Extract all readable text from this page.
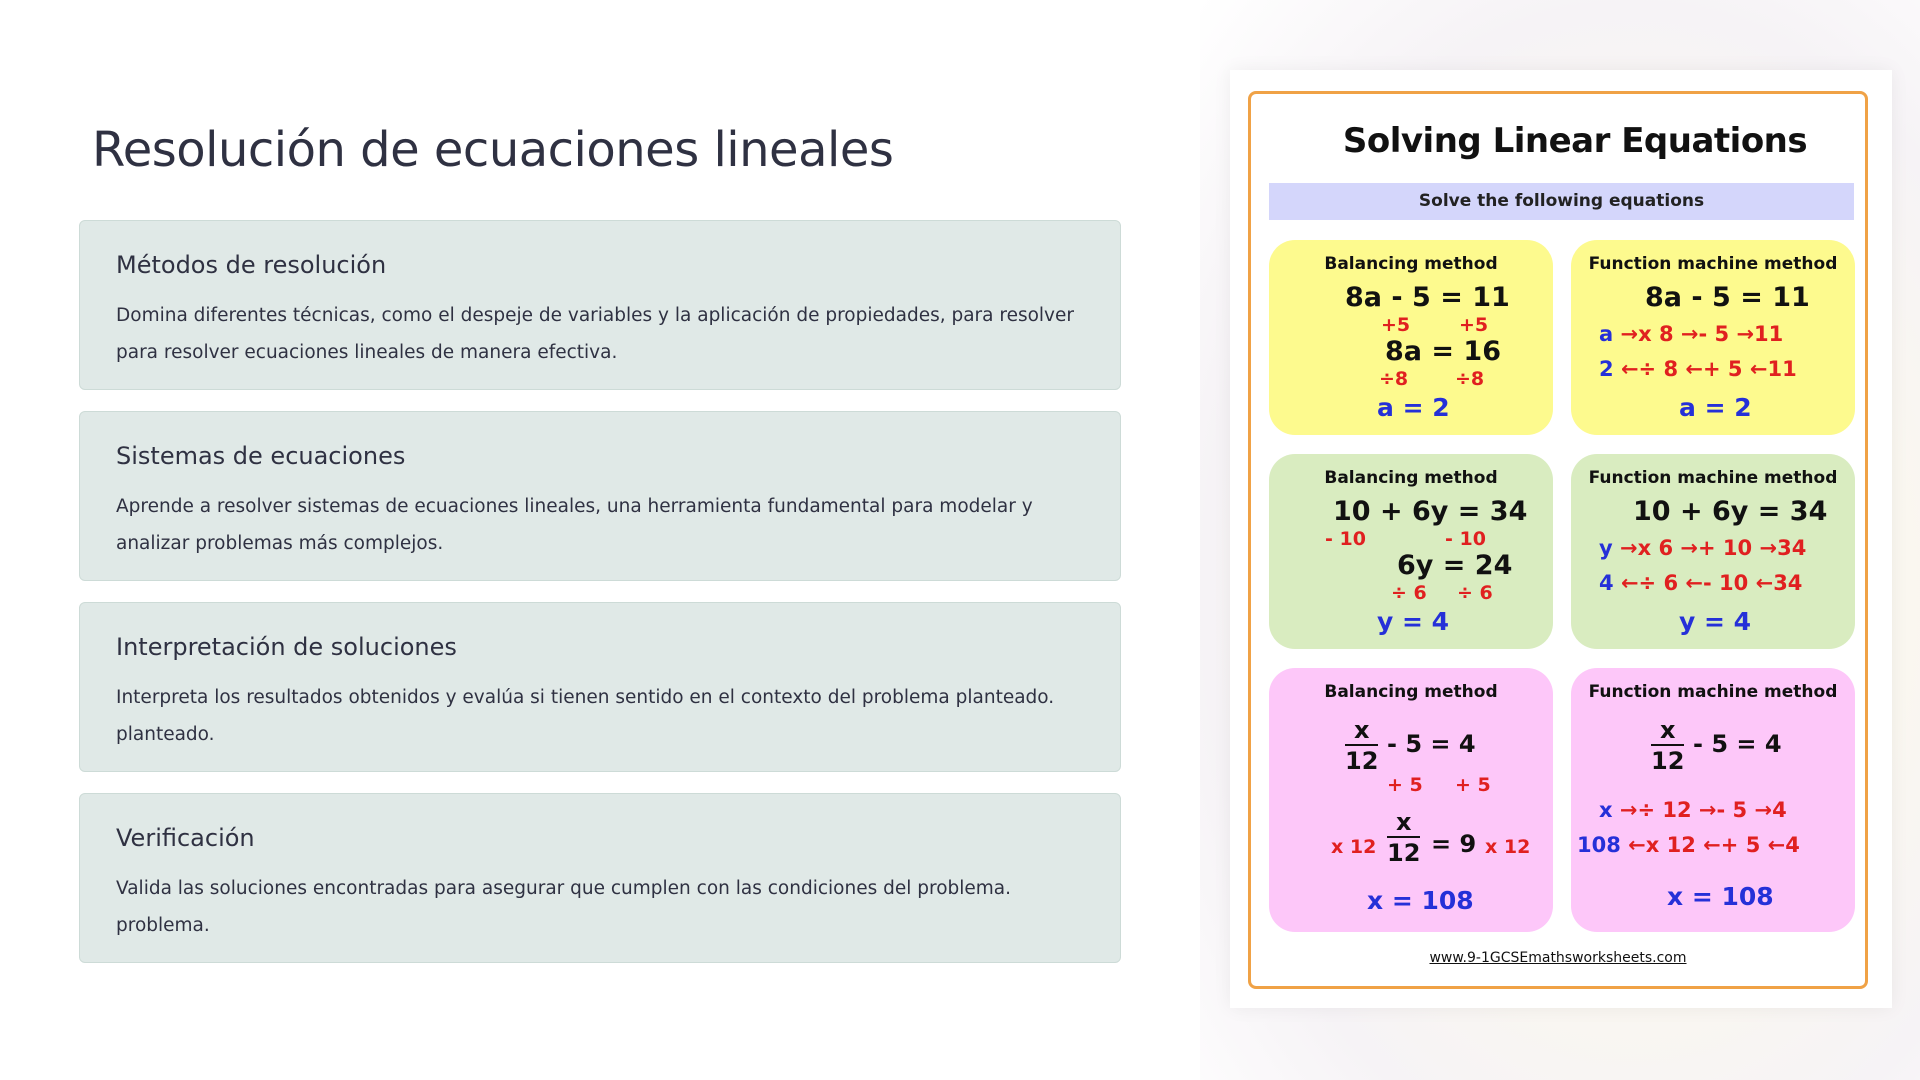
Resolución de ecuaciones lineales
Métodos de resolución

Domina diferentes técnicas, como el despeje de variables y la aplicación de propiedades, para resolver
para resolver ecuaciones lineales de manera efectiva.

Sistemas de ecuaciones

Aprende a resolver sistemas de ecuaciones lineales, una herramienta fundamental para modelar y
analizar problemas más complejos.

Interpretación de soluciones

Interpreta los resultados obtenidos y evalúa si tienen sentido en el contexto del problema planteado.
planteado.

Verificación

Valida las soluciones encontradas para asegurar que cumplen con las condiciones del problema.
problema.

Solving Linear Equations
Solve the following equations
Balancing method
8a - 5 = 11
+5	+5
8a = 16
÷8 ÷8
a = 2
Function machine method
8a - 5 = 11
a →x 8 →- 5 →11
2 ←÷ 8 ←+ 5 ←11
a = 2
Balancing method
10 + 6y = 34
- 10	- 10
6y = 24
÷ 6 ÷ 6
y = 4
Function machine method
10 + 6y = 34
y →x 6 →+ 10 →34
4 ←÷ 6 ←- 10 ←34
y = 4
Balancing method
$\frac{x}{12} - 5 = 4$
+ 5 + 5
x $12 \frac{x}{12} = 9$ x 12
x = 108
Function machine method
$\frac{x}{12} - 5 = 4$
x →÷ 12 →- 5 →4
108 ←x 12 ←+ 5 ←4
x = 108
www.9-1GCSEmathsworksheets.com
